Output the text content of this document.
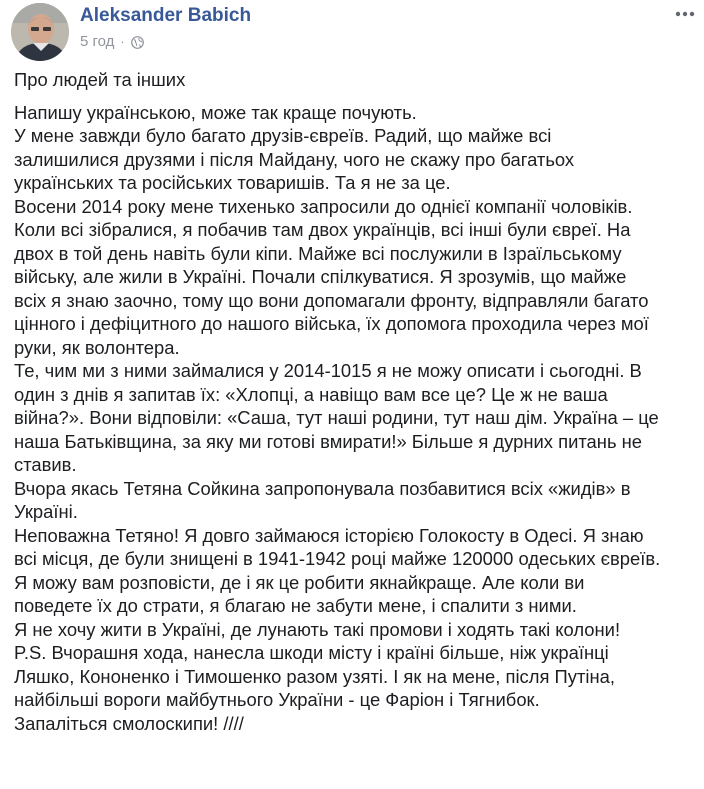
Aleksander Babich
5 год ·

Про людей та інших

Напишу українською, може так краще почують.

У мене завжди було багато друзів-євреїв. Радий, що майже всі

залишилися друзями і після Майдану, чого не скажу про багатьох

українських та російських товаришів. Та я не за це.

Восени 2014 року мене тихенько запросили до однієї компанії чоловіків.

Коли всі зібралися, я побачив там двох українців, всі інші були євреї. На

двох в той день навіть були кіпи. Майже всі послужили в Ізраїльському

війську, але жили в Україні. Почали спілкуватися. Я зрозумів, що майже

всіх я знаю заочно, тому що вони допомагали фронту, відправляли багато

цінного і дефіцитного до нашого війська, їх допомога проходила через мої

руки, як волонтера.

Те, чим ми з ними займалися у 2014-1015 я не можу описати і сьогодні. В

один з днів я запитав їх: «Хлопці, а навіщо вам все це? Це ж не ваша

війна?». Вони відповіли: «Саша, тут наші родини, тут наш дім. Україна – це

наша Батьківщина, за яку ми готові вмирати!» Більше я дурних питань не

ставив.

Вчора якась Тетяна Сойкина запропонувала позбавитися всіх «жидів» в

Україні.

Неповажна Тетяно! Я довго займаюся історією Голокосту в Одесі. Я знаю

всі місця, де були знищені в 1941-1942 році майже 120000 одеських євреїв.

Я можу вам розповісти, де і як це робити якнайкраще. Але коли ви

поведете їх до страти, я благаю не забути мене, і спалити з ними.

Я не хочу жити в Україні, де лунають такі промови і ходять такі колони!

P.S. Вчорашня хода, нанесла шкоди місту і країні більше, ніж українці

Ляшко, Кононенко і Тимошенко разом узяті. І як на мене, після Путіна,

найбільші вороги майбутнього України - це Фаріон і Тягнибок.

Запаліться смолоскипи! ////
